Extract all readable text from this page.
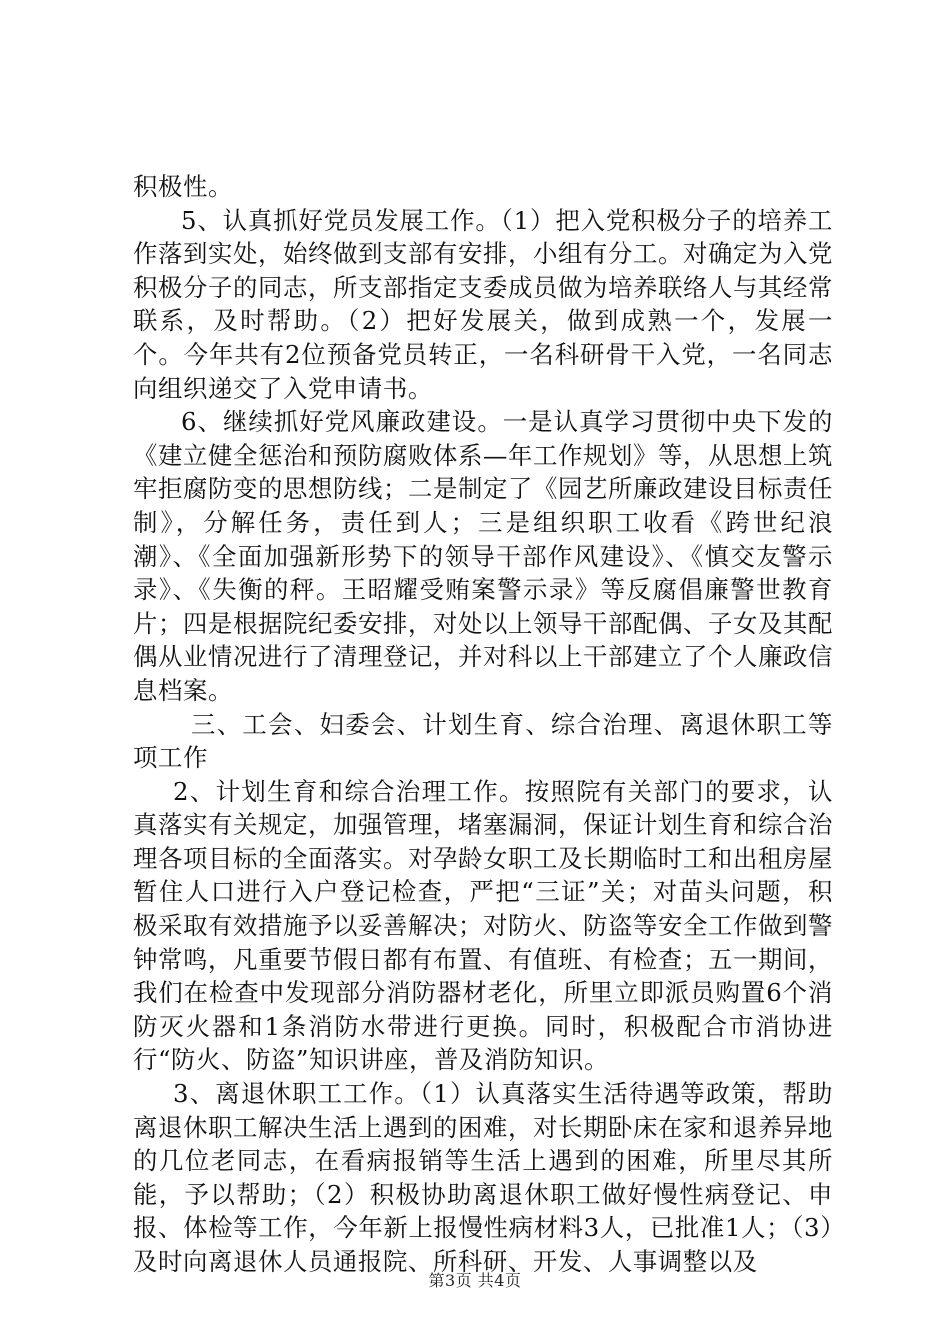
积极性。

5、认真抓好党员发展工作。（1）把入党积极分子的培养工作落到实处，始终做到支部有安排，小组有分工。对确定为入党积极分子的同志，所支部指定支委成员做为培养联络人与其经常联系，及时帮助。（2）把好发展关，做到成熟一个，发展一个。今年共有2位预备党员转正，一名科研骨干入党，一名同志向组织递交了入党申请书。

6、继续抓好党风廉政建设。一是认真学习贯彻中央下发的《建立健全惩治和预防腐败体系—年工作规划》等，从思想上筑牢拒腐防变的思想防线；二是制定了《园艺所廉政建设目标责任制》，分解任务，责任到人；三是组织职工收看《跨世纪浪潮》、《全面加强新形势下的领导干部作风建设》、《慎交友警示录》、《失衡的秤。王昭耀受贿案警示录》等反腐倡廉警世教育片；四是根据院纪委安排，对处以上领导干部配偶、子女及其配偶从业情况进行了清理登记，并对科以上干部建立了个人廉政信息档案。

三、工会、妇委会、计划生育、综合治理、离退休职工等项工作

2、计划生育和综合治理工作。按照院有关部门的要求，认真落实有关规定，加强管理，堵塞漏洞，保证计划生育和综合治理各项目标的全面落实。对孕龄女职工及长期临时工和出租房屋暂住人口进行入户登记检查，严把“三证”关；对苗头问题，积极采取有效措施予以妥善解决；对防火、防盗等安全工作做到警钟常鸣，凡重要节假日都有布置、有值班、有检查；五一期间，我们在检查中发现部分消防器材老化，所里立即派员购置6个消防灭火器和1条消防水带进行更换。同时，积极配合市消协进行“防火、防盗”知识讲座，普及消防知识。

3、离退休职工工作。（1）认真落实生活待遇等政策，帮助离退休职工解决生活上遇到的困难，对长期卧床在家和退养异地的几位老同志，在看病报销等生活上遇到的困难，所里尽其所能，予以帮助；（2）积极协助离退休职工做好慢性病登记、申报、体检等工作，今年新上报慢性病材料3人，已批准1人；（3）及时向离退休人员通报院、所科研、开发、人事调整以及

第3页 共4页
